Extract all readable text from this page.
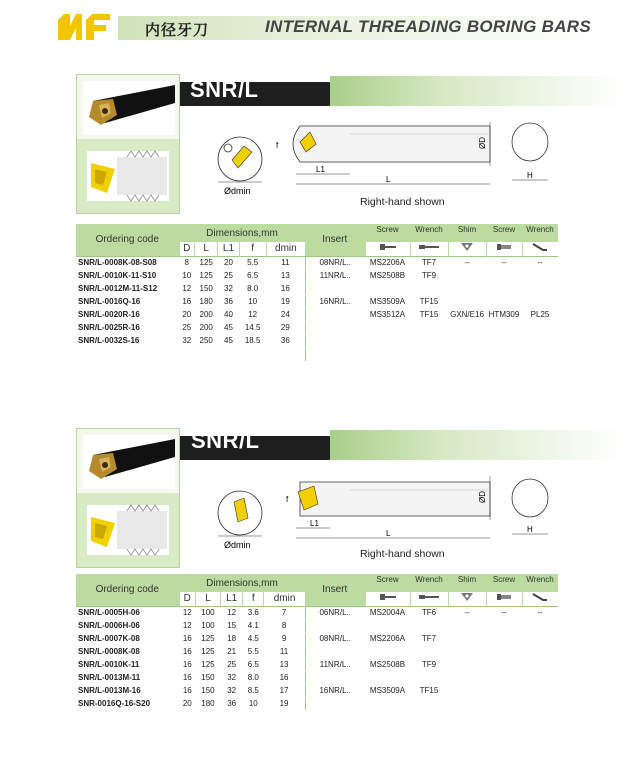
内径牙刀	INTERNAL THREADING BORING BARS
SNR/L
Ødmin
ØD
L1
L
f
H
Right-hand shown
Ordering code	Dimensions,mm					Insert	Screw	Wrench	Shim	Screw	Wrench
	D	L	L1	f	dmin					
SNR/L-0008K-08-S08	8	125	20	5.5	11	08NR/L..	MS2206A	TF7	--	--	--
SNR/L-0010K-11-S10	10	125	25	6.5	13	11NR/L..	MS2508B	TF9			
SNR/L-0012M-11-S12	12	150	32	8.0	16						
SNR/L-0016Q-16	16	180	36	10	19	16NR/L..	MS3509A	TF15			
SNR/L-0020R-16	20	200	40	12	24		MS3512A	TF15	GXN/E16	HTM309	PL25
SNR/L-0025R-16	25	200	45	14.5	29						
SNR/L-0032S-16	32	250	45	18.5	36						

SNR/L
Ødmin
ØD
L1
L
f
H
Right-hand shown
Ordering code	Dimensions,mm					Insert	Screw	Wrench	Shim	Screw	Wrench
	D	L	L1	f	dmin					
SNR/L-0005H-06	12	100	12	3.6	7	06NR/L..	MS2004A	TF6	--	--	--
SNR/L-0006H-06	12	100	15	4.1	8						
SNR/L-0007K-08	16	125	18	4.5	9	08NR/L..	MS2206A	TF7			
SNR/L-0008K-08	16	125	21	5.5	11						
SNR/L-0010K-11	16	125	25	6.5	13	11NR/L..	MS2508B	TF9			
SNR/L-0013M-11	16	150	32	8.0	16						
SNR/L-0013M-16	16	150	32	8.5	17	16NR/L..	MS3509A	TF15			
SNR-0016Q-16-S20	20	180	36	10	19						
